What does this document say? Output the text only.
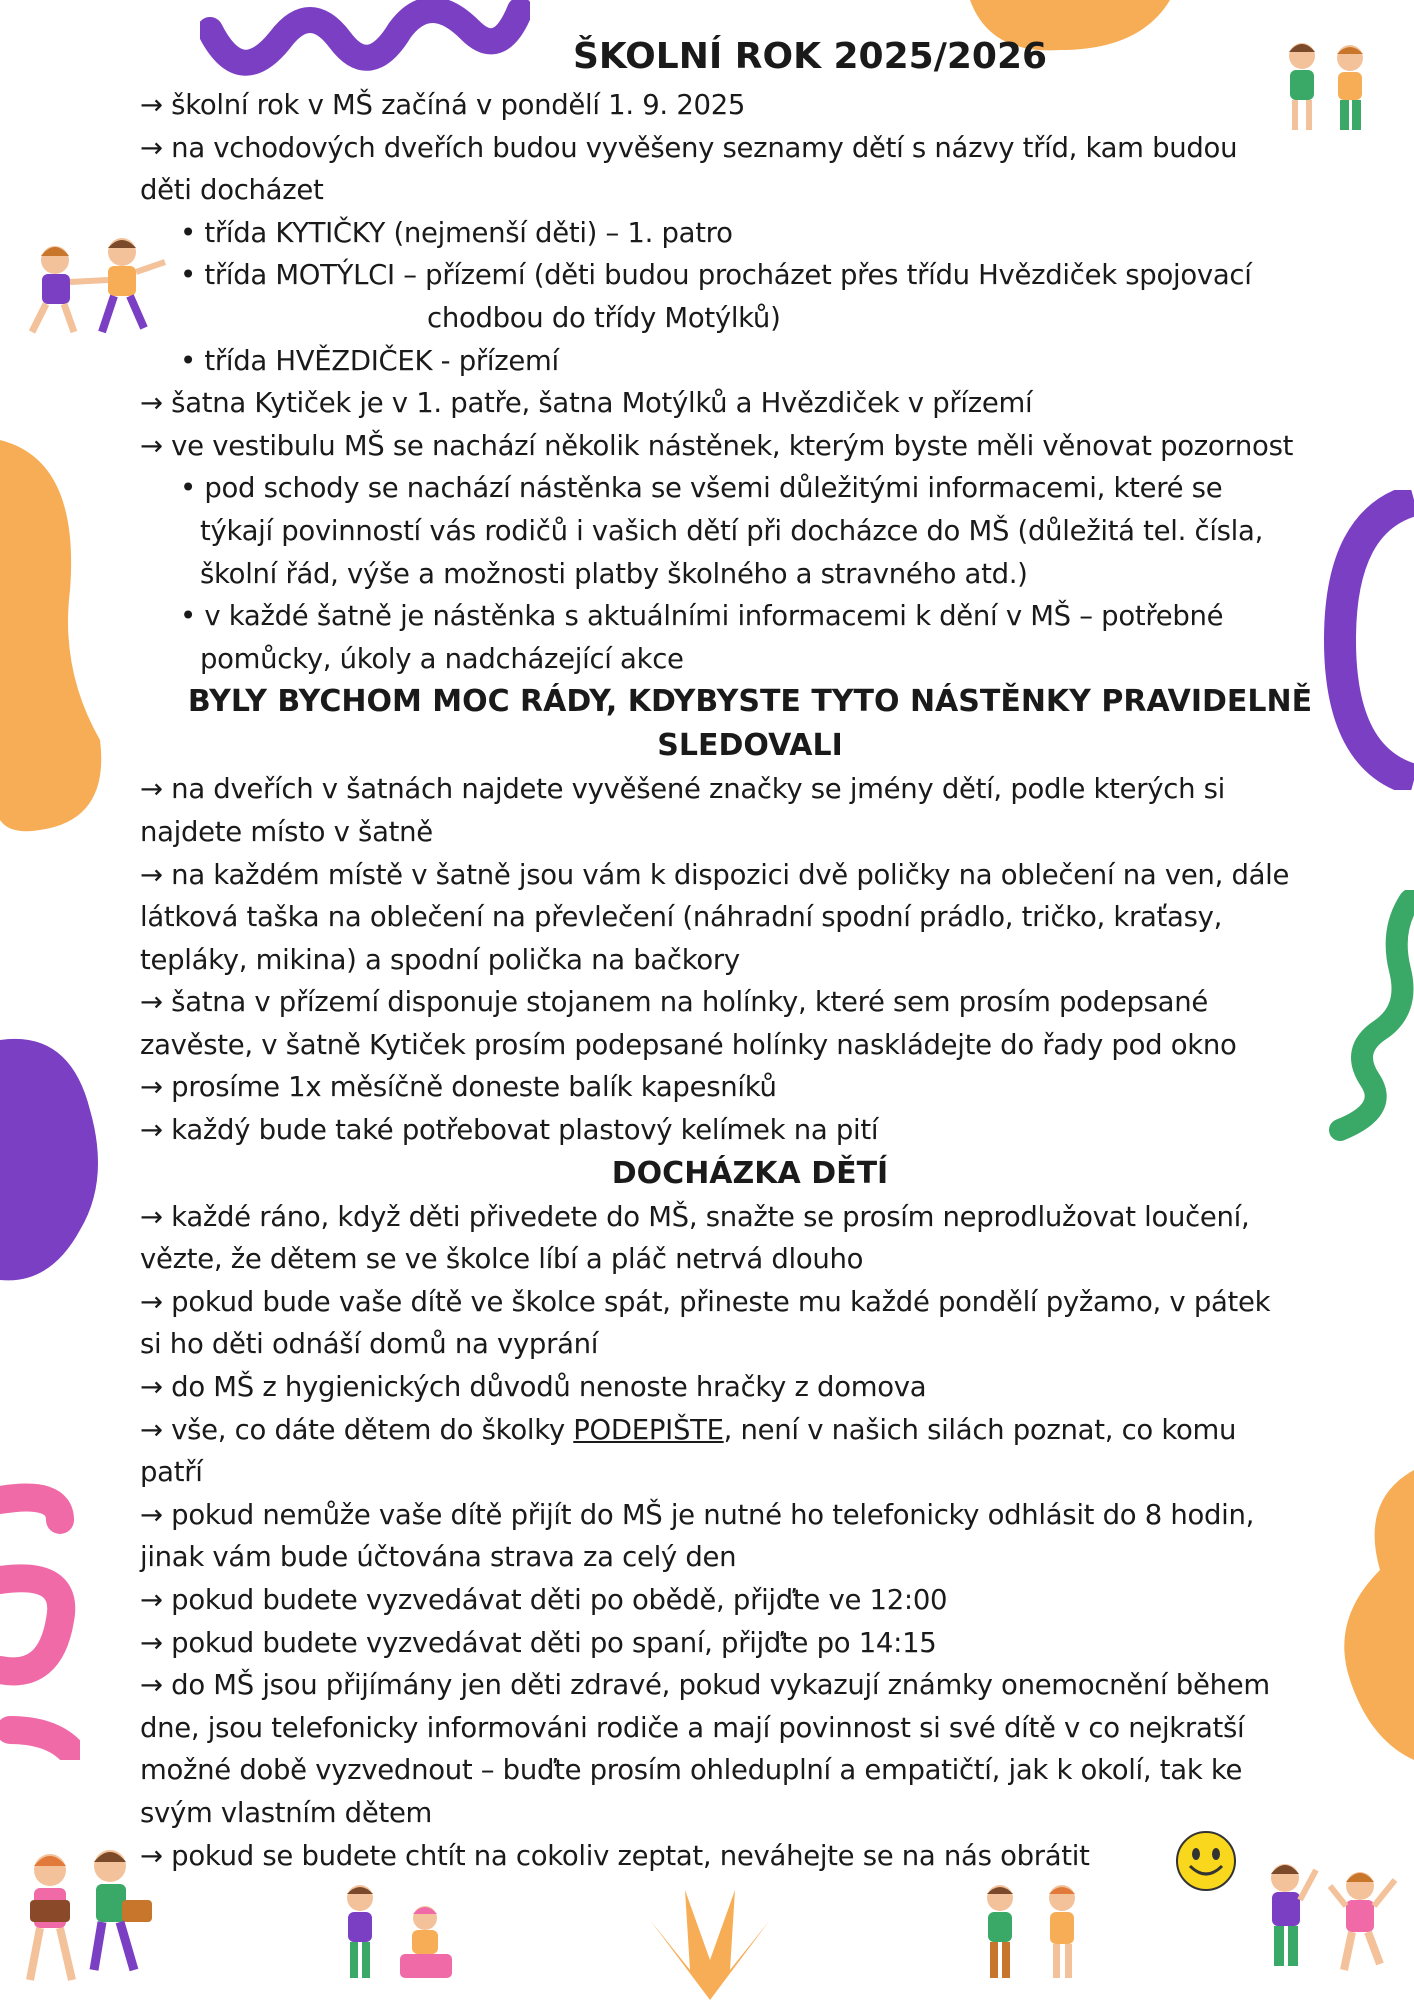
ŠKOLNÍ ROK 2025/2026
→ školní rok v MŠ začíná v pondělí 1. 9. 2025
→ na vchodových dveřích budou vyvěšeny seznamy dětí s názvy tříd, kam budou
děti docházet
• třída KYTIČKY (nejmenší děti) – 1. patro
• třída MOTÝLCI – přízemí (děti budou procházet přes třídu Hvězdiček spojovací
chodbou do třídy Motýlků)
• třída HVĚZDIČEK - přízemí
→ šatna Kytiček je v 1. patře, šatna Motýlků a Hvězdiček v přízemí
→ ve vestibulu MŠ se nachází několik nástěnek, kterým byste měli věnovat pozornost
• pod schody se nachází nástěnka se všemi důležitými informacemi, které se
týkají povinností vás rodičů i vašich dětí při docházce do MŠ (důležitá tel. čísla,
školní řád, výše a možnosti platby školného a stravného atd.)
• v každé šatně je nástěnka s aktuálními informacemi k dění v MŠ – potřebné
pomůcky, úkoly a nadcházející akce
BYLY BYCHOM MOC RÁDY, KDYBYSTE TYTO NÁSTĚNKY PRAVIDELNĚ
SLEDOVALI
→ na dveřích v šatnách najdete vyvěšené značky se jmény dětí, podle kterých si
najdete místo v šatně
→ na každém místě v šatně jsou vám k dispozici dvě poličky na oblečení na ven, dále
látková taška na oblečení na převlečení (náhradní spodní prádlo, tričko, kraťasy,
tepláky, mikina) a spodní polička na bačkory
→ šatna v přízemí disponuje stojanem na holínky, které sem prosím podepsané
zavěste, v šatně Kytiček prosím podepsané holínky naskládejte do řady pod okno
→ prosíme 1x měsíčně doneste balík kapesníků
→ každý bude také potřebovat plastový kelímek na pití
DOCHÁZKA DĚTÍ
→ každé ráno, když děti přivedete do MŠ, snažte se prosím neprodlužovat loučení,
vězte, že dětem se ve školce líbí a pláč netrvá dlouho
→ pokud bude vaše dítě ve školce spát, přineste mu každé pondělí pyžamo, v pátek
si ho děti odnáší domů na vyprání
→ do MŠ z hygienických důvodů nenoste hračky z domova
→ vše, co dáte dětem do školky PODEPIŠTE, není v našich silách poznat, co komu
patří
→ pokud nemůže vaše dítě přijít do MŠ je nutné ho telefonicky odhlásit do 8 hodin,
jinak vám bude účtována strava za celý den
→ pokud budete vyzvedávat děti po obědě, přijďte ve 12:00
→ pokud budete vyzvedávat děti po spaní, přijďte po 14:15
→ do MŠ jsou přijímány jen děti zdravé, pokud vykazují známky onemocnění během
dne, jsou telefonicky informováni rodiče a mají povinnost si své dítě v co nejkratší
možné době vyzvednout – buďte prosím ohleduplní a empatičtí, jak k okolí, tak ke
svým vlastním dětem
→ pokud se budete chtít na cokoliv zeptat, neváhejte se na nás obrátit
